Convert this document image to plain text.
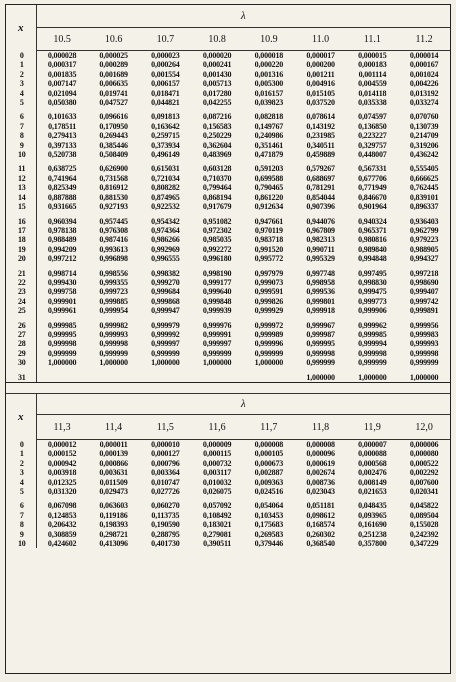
x	λ							
	10.5	10.6	10.7	10.8	10.9	11.0	11.1	11.2
0	0,000028	0,000025	0,000023	0,000020	0,000018	0,000017	0,000015	0,000014
1	0,000317	0,000289	0,000264	0,000241	0,000220	0,000200	0,000183	0,000167
2	0,001835	0,001689	0,001554	0,001430	0,001316	0,001211	0,001114	0,001024
3	0,007147	0,006635	0,006157	0,005713	0,005300	0,004916	0,004559	0,004226
4	0,021094	0,019741	0,018471	0,017280	0,016157	0,015105	0,014118	0,013192
5	0,050380	0,047527	0,044821	0,042255	0,039823	0,037520	0,035338	0,033274

6	0,101633	0,096616	0,091813	0,087216	0,082818	0,078614	0,074597	0,070760
7	0,178511	0,170950	0,163642	0,156583	0,149767	0,143192	0,136850	0,130739
8	0,279413	0,269443	0,259715	0,250229	0,240986	0,231985	0,223227	0,214709
9	0,397133	0,385446	0,373934	0,362604	0,351461	0,340511	0,329757	0,319206
10	0,520738	0,508409	0,496149	0,483969	0,471879	0,459889	0,448007	0,436242

11	0,638725	0,626900	0,615031	0,603128	0,591203	0,579267	0,567331	0,555405
12	0,741964	0,731568	0,721034	0,710370	0,699588	0,688697	0,677706	0,666625
13	0,825349	0,816912	0,808282	0,799464	0,790465	0,781291	0,771949	0,762445
14	0,887888	0,881530	0,874965	0,868194	0,861220	0,854044	0,846670	0,839101
15	0,931665	0,927193	0,922532	0,917679	0,912634	0,907396	0,901964	0,896337

16	0,960394	0,957445	0,954342	0,951082	0,947661	0,944076	0,940324	0,936403
17	0,978138	0,976308	0,974364	0,972302	0,970119	0,967809	0,965371	0,962799
18	0,988489	0,987416	0,986266	0,985035	0,983718	0,982313	0,980816	0,979223
19	0,994209	0,993613	0,992969	0,992272	0,991520	0,990711	0,989840	0,988905
20	0,997212	0,996898	0,996555	0,996180	0,995772	0,995329	0,994848	0,994327

21	0,998714	0,998556	0,998382	0,998190	0,997979	0,997748	0,997495	0,997218
22	0,999430	0,999355	0,999270	0,999177	0,999073	0,998958	0,998830	0,998690
23	0,999758	0,999723	0,999684	0,999640	0,999591	0,999536	0,999475	0,999407
24	0,999901	0,999885	0,999868	0,999848	0,999826	0,999801	0,999773	0,999742
25	0,999961	0,999954	0,999947	0,999939	0,999929	0,999918	0,999906	0,999891

26	0,999985	0,999982	0,999979	0,999976	0,999972	0,999967	0,999962	0,999956
27	0,999995	0,999993	0,999992	0,999991	0,999989	0,999987	0,999985	0,999983
28	0,999998	0,999998	0,999997	0,999997	0,999996	0,999995	0,999994	0,999993
29	0,999999	0,999999	0,999999	0,999999	0,999999	0,999998	0,999998	0,999998
30	1,000000	1,000000	1,000000	1,000000	1,000000	0,999999	0,999999	0,999999

31						1,000000	1,000000	1,000000
x	λ							
	11,3	11,4	11,5	11,6	11,7	11,8	11,9	12,0
0	0,000012	0,000011	0,000010	0,000009	0,000008	0,000008	0,000007	0,000006
1	0,000152	0,000139	0,000127	0,000115	0,000105	0,000096	0,000088	0,000080
2	0,000942	0,000866	0,000796	0,000732	0,000673	0,000619	0,000568	0,000522
3	0,003918	0,003631	0,003364	0,003117	0,002887	0,002674	0,002476	0,002292
4	0,012325	0,011509	0,010747	0,010032	0,009363	0,008736	0,008149	0,007600
5	0,031320	0,029473	0,027726	0,026075	0,024516	0,023043	0,021653	0,020341

6	0,067098	0,063603	0,060270	0,057092	0,054064	0,051181	0,048435	0,045822
7	0,124853	0,119186	0,113735	0,108492	0,103453	0,098612	0,093965	0,089504
8	0,206432	0,198393	0,190590	0,183021	0,175683	0,168574	0,161690	0,155028
9	0,308859	0,298721	0,288795	0,279081	0,269583	0,260302	0,251238	0,242392
10	0,424602	0,413096	0,401730	0,390511	0,379446	0,368540	0,357800	0,347229
